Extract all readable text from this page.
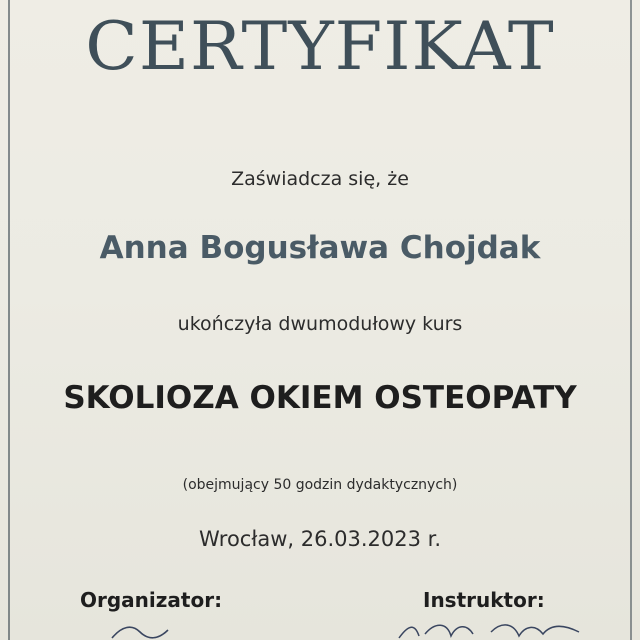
CERTYFIKAT
Zaświadcza się, że
Anna Bogusława Chojdak
ukończyła dwumodułowy kurs
SKOLIOZA OKIEM OSTEOPATY
(obejmujący 50 godzin dydaktycznych)
Wrocław, 26.03.2023 r.
Organizator:	Instruktor:
